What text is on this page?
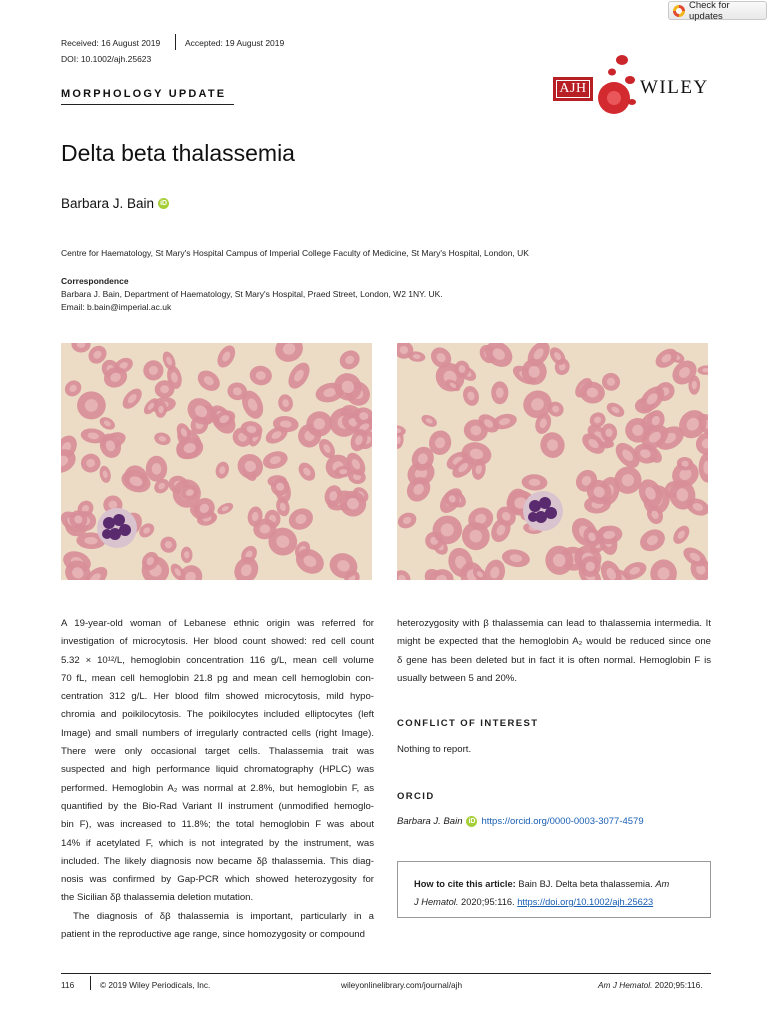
Check for updates
Received: 16 August 2019	Accepted: 19 August 2019
DOI: 10.1002/ajh.25623
MORPHOLOGY UPDATE	AJH	WILEY
Delta beta thalassemia
Barbara J. Bain iD
Centre for Haematology, St Mary's Hospital Campus of Imperial College Faculty of Medicine, St Mary's Hospital, London, UK
Correspondence
Barbara J. Bain, Department of Haematology, St Mary's Hospital, Praed Street, London, W2 1NY. UK.
Email: b.bain@imperial.ac.uk
A 19-year-old woman of Lebanese ethnic origin was referred for
investigation of microcytosis. Her blood count showed: red cell count
5.32 × 10¹²/L, hemoglobin concentration 116 g/L, mean cell volume
70 fL, mean cell hemoglobin 21.8 pg and mean cell hemoglobin con-
centration 312 g/L. Her blood film showed microcytosis, mild hypo-
chromia and poikilocytosis. The poikilocytes included elliptocytes (left
Image) and small numbers of irregularly contracted cells (right Image).
There were only occasional target cells. Thalassemia trait was
suspected and high performance liquid chromatography (HPLC) was
performed. Hemoglobin A₂ was normal at 2.8%, but hemoglobin F, as
quantified by the Bio-Rad Variant II instrument (unmodified hemoglo-
bin F), was increased to 11.8%; the total hemoglobin F was about
14% if acetylated F, which is not integrated by the instrument, was
included. The likely diagnosis now became δβ thalassemia. This diag-
nosis was confirmed by Gap-PCR which showed heterozygosity for
the Sicilian δβ thalassemia deletion mutation.
The diagnosis of δβ thalassemia is important, particularly in a
patient in the reproductive age range, since homozygosity or compound
heterozygosity with β thalassemia can lead to thalassemia intermedia. It
might be expected that the hemoglobin A₂ would be reduced since one
δ gene has been deleted but in fact it is often normal. Hemoglobin F is
usually between 5 and 20%.
CONFLICT OF INTEREST
Nothing to report.
ORCID
Barbara J. Bain iD https://orcid.org/0000-0003-3077-4579
How to cite this article: Bain BJ. Delta beta thalassemia. Am
J Hematol. 2020;95:116. https://doi.org/10.1002/ajh.25623
116	© 2019 Wiley Periodicals, Inc.	wileyonlinelibrary.com/journal/ajh	Am J Hematol. 2020;95:116.
